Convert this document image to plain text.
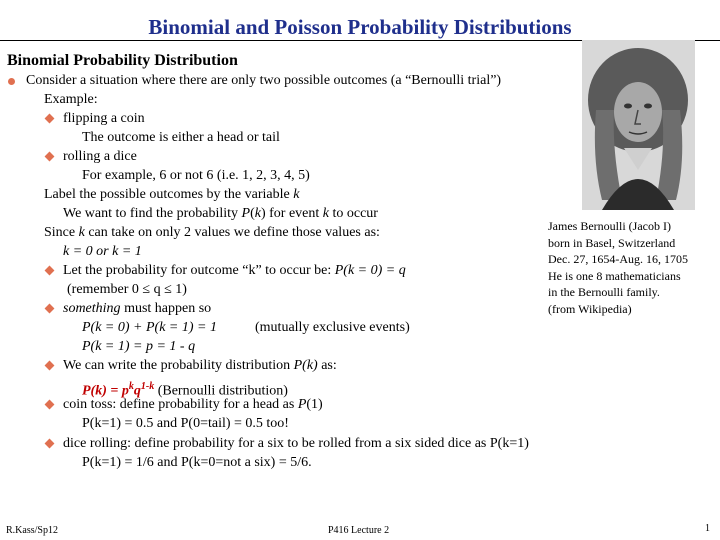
Binomial and Poisson Probability Distributions
Binomial Probability Distribution
Consider a situation where there are only two possible outcomes (a “Bernoulli trial”)
Example:
flipping a coin
The outcome is either a head or tail
rolling a dice
For example, 6 or not 6 (i.e. 1, 2, 3, 4, 5)
Label the possible outcomes by the variable k
We want to find the probability P(k) for event k to occur
Since k can take on only 2 values we define those values as:
k = 0 or k = 1
Let the probability for outcome “k” to occur be: P(k = 0) = q
(remember 0 ≤ q ≤ 1)
something must happen so
P(k = 0) + P(k = 1) = 1	(mutually exclusive events)
P(k = 1) = p = 1 - q
We can write the probability distribution P(k) as:
$P(k) = p^kq^{1-k}$ (Bernoulli distribution)
coin toss: define probability for a head as P(1)
P(k=1) = 0.5 and P(0=tail) = 0.5 too!
dice rolling: define probability for a six to be rolled from a six sided dice as P(k=1)
P(k=1) = 1/6 and P(k=0=not a six) = 5/6.
James Bernoulli (Jacob I)
born in Basel, Switzerland
Dec. 27, 1654-Aug. 16, 1705
He is one 8 mathematicians
in the Bernoulli family.
(from Wikipedia)
R.Kass/Sp12	P416 Lecture 2	1
